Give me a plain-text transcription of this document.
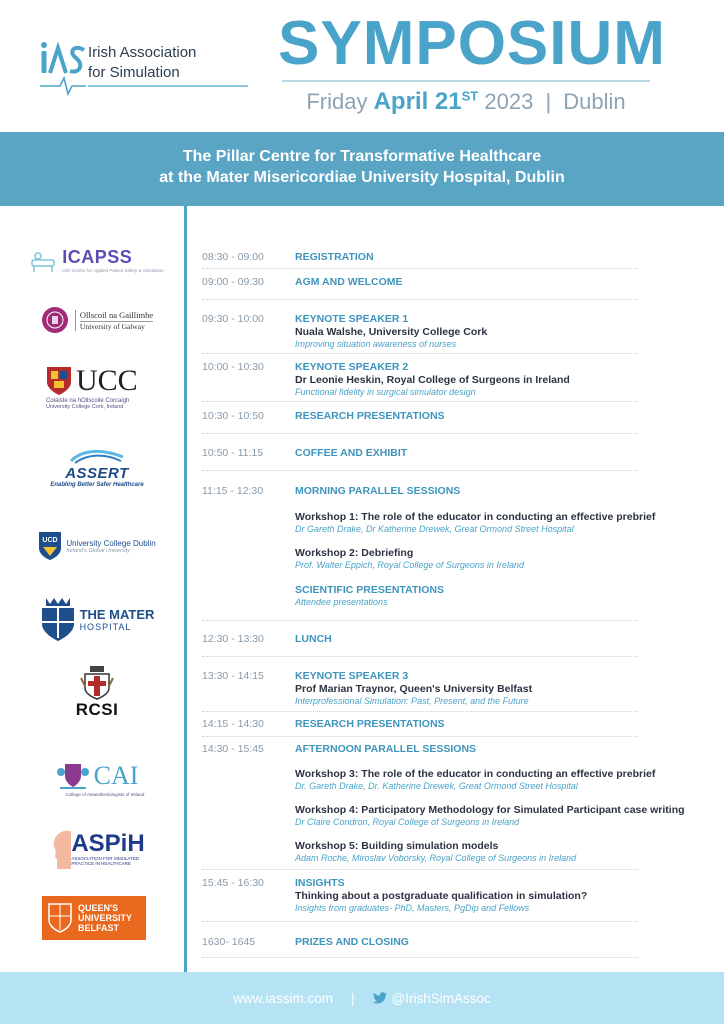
Irish Association
for Simulation SYMPOSIUM
Friday April 21ST 2023 | Dublin
The Pillar Centre for Transformative Healthcare
at the Mater Misericordiae University Hospital, Dublin
ICAPSS
Irish Centre for Applied Patient Safety & Simulation
Ollscoil na Gaillimhe
University of Galway
UCC
Coláiste na hOllscoile Corcaigh
University College Cork, Ireland
ASSERT
Enabling Better Safer Healthcare
UCD University College Dublin
Ireland's Global University
THE MATER
HOSPITAL
RCSI
CAI
College of Anaesthesiologists of Ireland
ASPiH
ASSOCIATION FOR SIMULATED
PRACTICE IN HEALTHCARE
QUEEN'S
UNIVERSITY
BELFAST
08:30 - 09:00	REGISTRATION
09:00 - 09:30	AGM AND WELCOME
09:30 - 10:00	KEYNOTE SPEAKER 1
Nuala Walshe, University College Cork
Improving situation awareness of nurses
10:00 - 10:30	KEYNOTE SPEAKER 2
Dr Leonie Heskin, Royal College of Surgeons in Ireland
Functional fidelity in surgical simulator design
10:30 - 10:50	RESEARCH PRESENTATIONS
10:50 - 11:15	COFFEE AND EXHIBIT
11:15 - 12:30	MORNING PARALLEL SESSIONS
Workshop 1: The role of the educator in conducting an effective prebrief
Dr Gareth Drake, Dr Katherine Drewek, Great Ormond Street Hospital
Workshop 2: Debriefing
Prof. Walter Eppich, Royal College of Surgeons in Ireland
SCIENTIFIC PRESENTATIONS
Attendee presentations
12:30 - 13:30	LUNCH
13:30 - 14:15	KEYNOTE SPEAKER 3
Prof Marian Traynor, Queen's University Belfast
Interprofessional Simulation: Past, Present, and the Future
14:15 - 14:30	RESEARCH PRESENTATIONS
14:30 - 15:45	AFTERNOON PARALLEL SESSIONS
Workshop 3: The role of the educator in conducting an effective prebrief
Dr. Gareth Drake, Dr. Katherine Drewek, Great Ormond Street Hospital
Workshop 4: Participatory Methodology for Simulated Participant case writing
Dr Claire Condron, Royal College of Surgeons in Ireland
Workshop 5: Building simulation models
Adam Roche, Miroslav Voborsky, Royal College of Surgeons in Ireland
15:45 - 16:30	INSIGHTS
Thinking about a postgraduate qualification in simulation?
Insights from graduates- PhD, Masters, PgDip and Fellows
1630- 1645	PRIZES AND CLOSING
www.iassim.com |	@IrishSimAssoc
